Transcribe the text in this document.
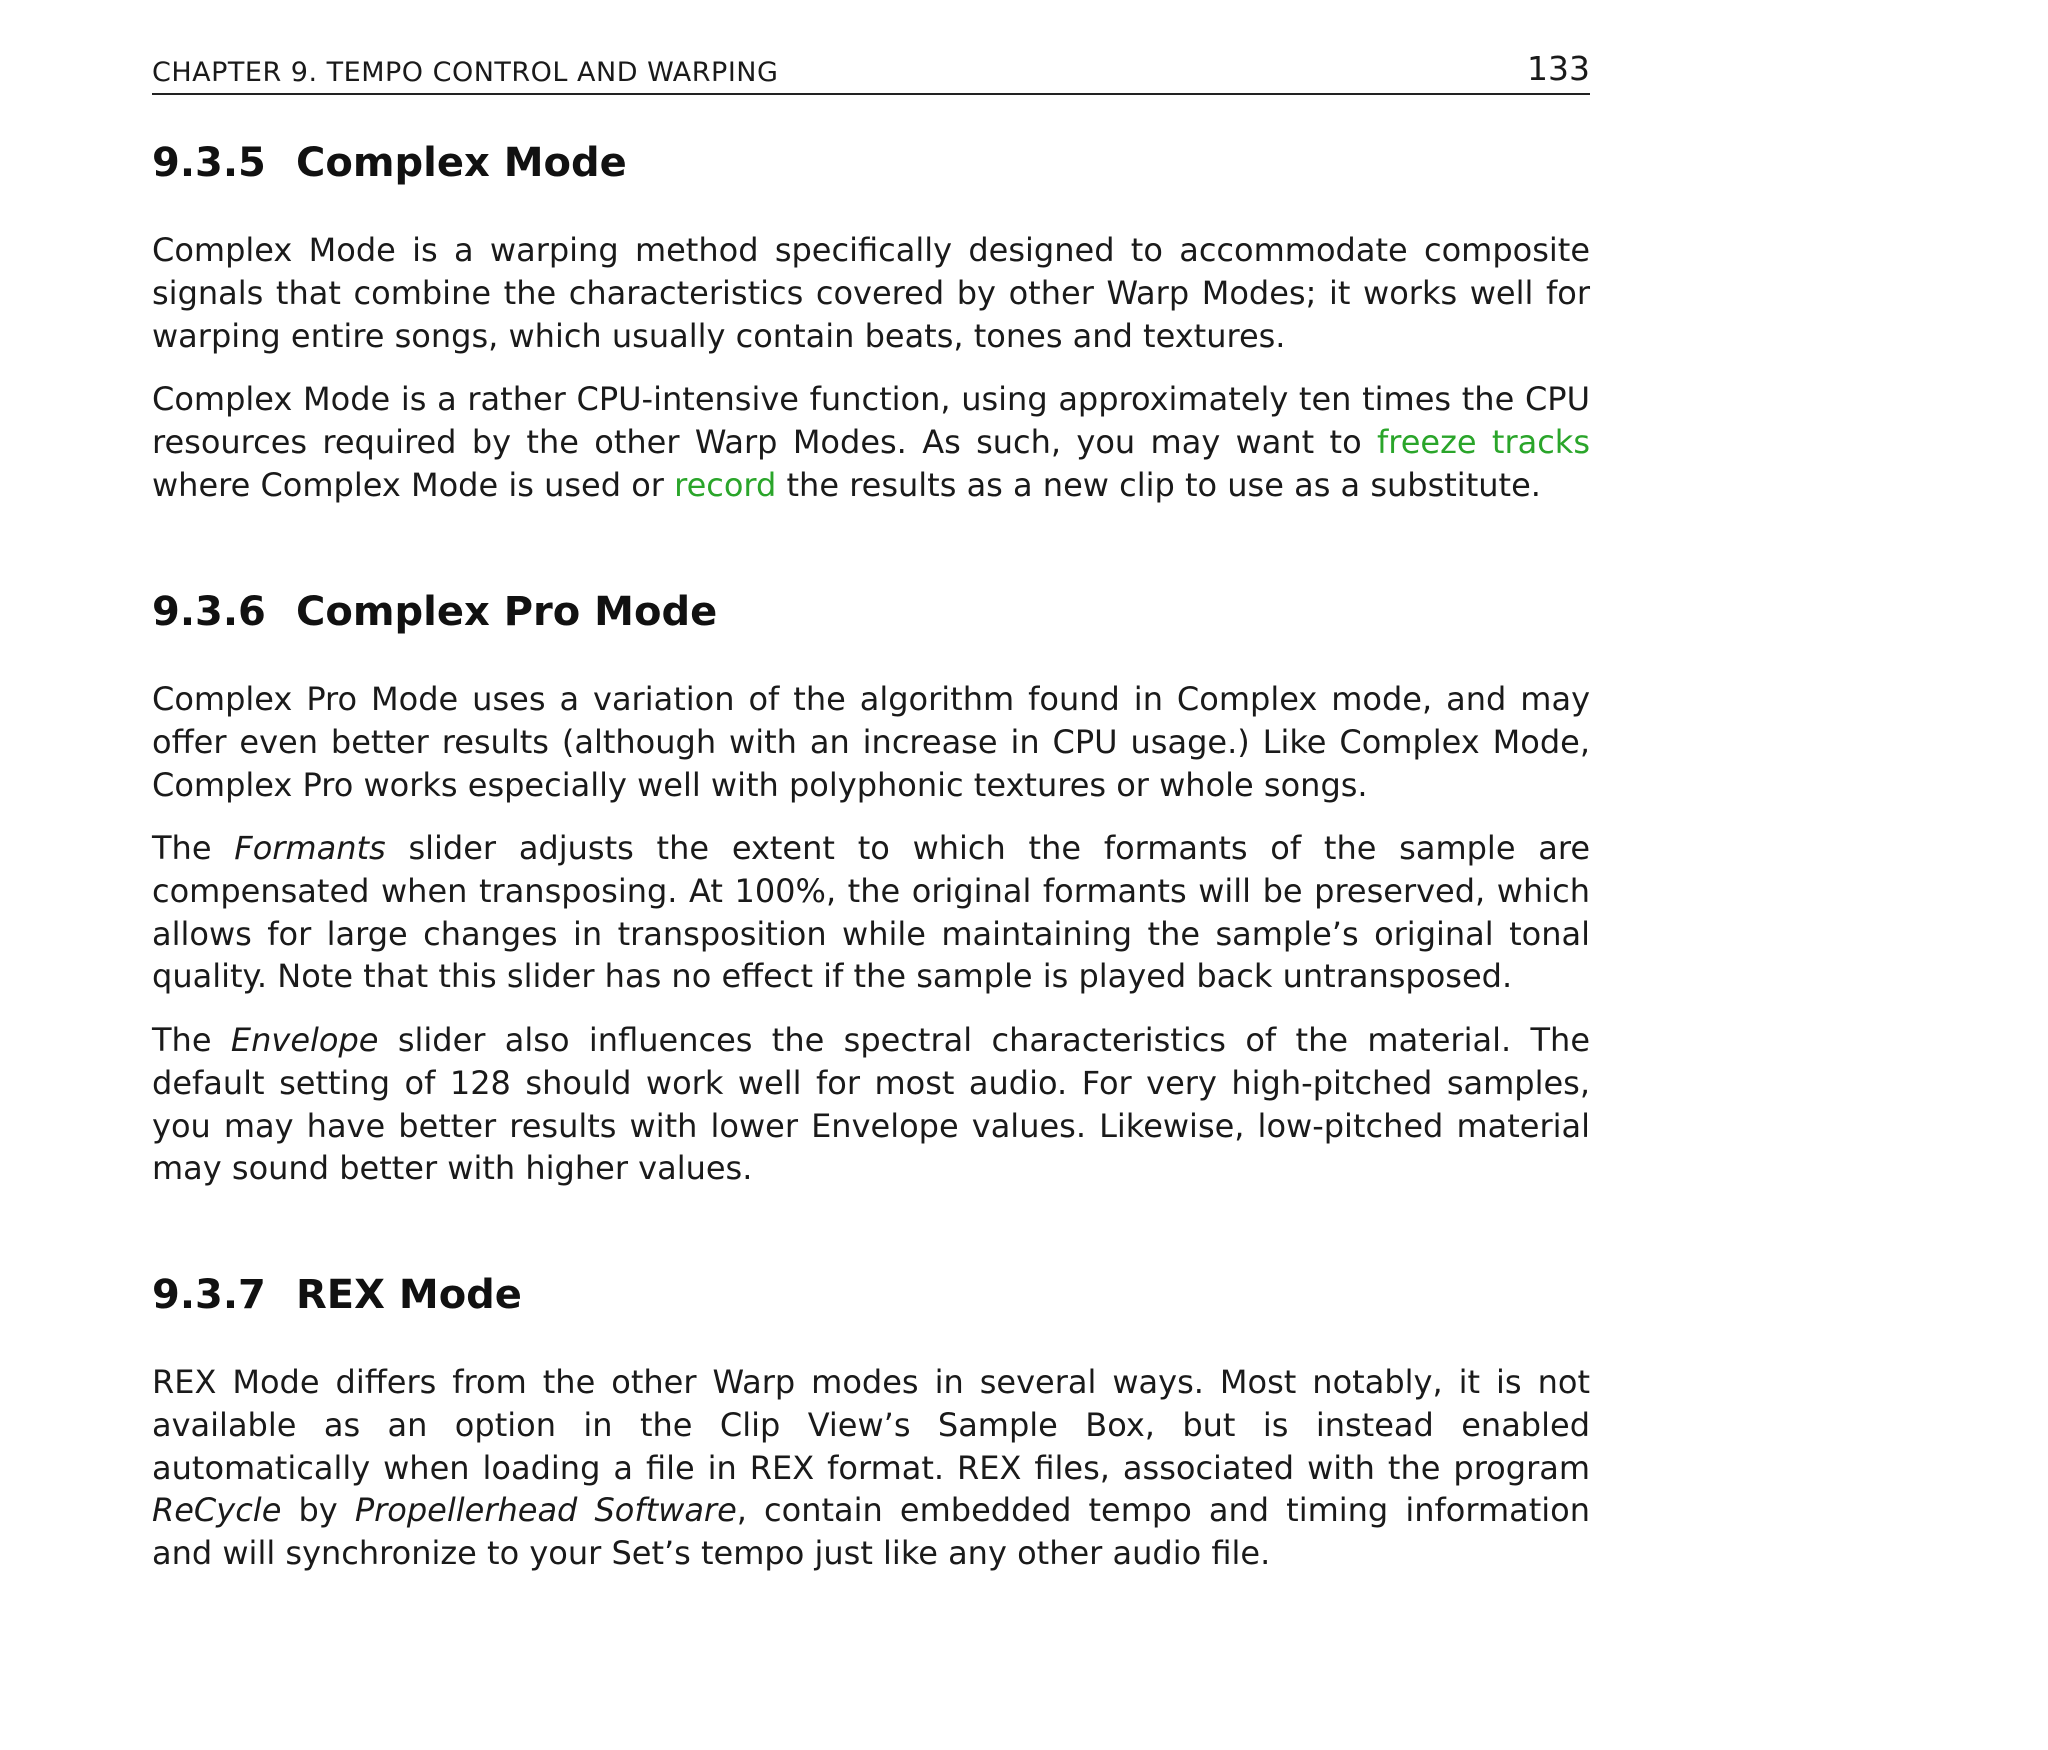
CHAPTER 9. TEMPO CONTROL AND WARPING	133
9.3.5 Complex Mode

Complex Mode is a warping method specifically designed to accommodate composite signals that combine the characteristics covered by other Warp Modes; it works well for warping entire songs, which usually contain beats, tones and textures.

Complex Mode is a rather CPU-intensive function, using approximately ten times the CPU resources required by the other Warp Modes. As such, you may want to freeze tracks where Complex Mode is used or record the results as a new clip to use as a substitute.

9.3.6 Complex Pro Mode

Complex Pro Mode uses a variation of the algorithm found in Complex mode, and may offer even better results (although with an increase in CPU usage.) Like Complex Mode, Complex Pro works especially well with polyphonic textures or whole songs.

The Formants slider adjusts the extent to which the formants of the sample are compensated when transposing. At 100%, the original formants will be preserved, which allows for large changes in transposition while maintaining the sample’s original tonal quality. Note that this slider has no effect if the sample is played back untransposed.

The Envelope slider also influences the spectral characteristics of the material. The default setting of 128 should work well for most audio. For very high-pitched samples, you may have better results with lower Envelope values. Likewise, low-pitched material may sound better with higher values.

9.3.7 REX Mode

REX Mode differs from the other Warp modes in several ways. Most notably, it is not available as an option in the Clip View’s Sample Box, but is instead enabled automatically when loading a file in REX format. REX files, associated with the program ReCycle by Propellerhead Software, contain embedded tempo and timing information and will synchronize to your Set’s tempo just like any other audio file.
